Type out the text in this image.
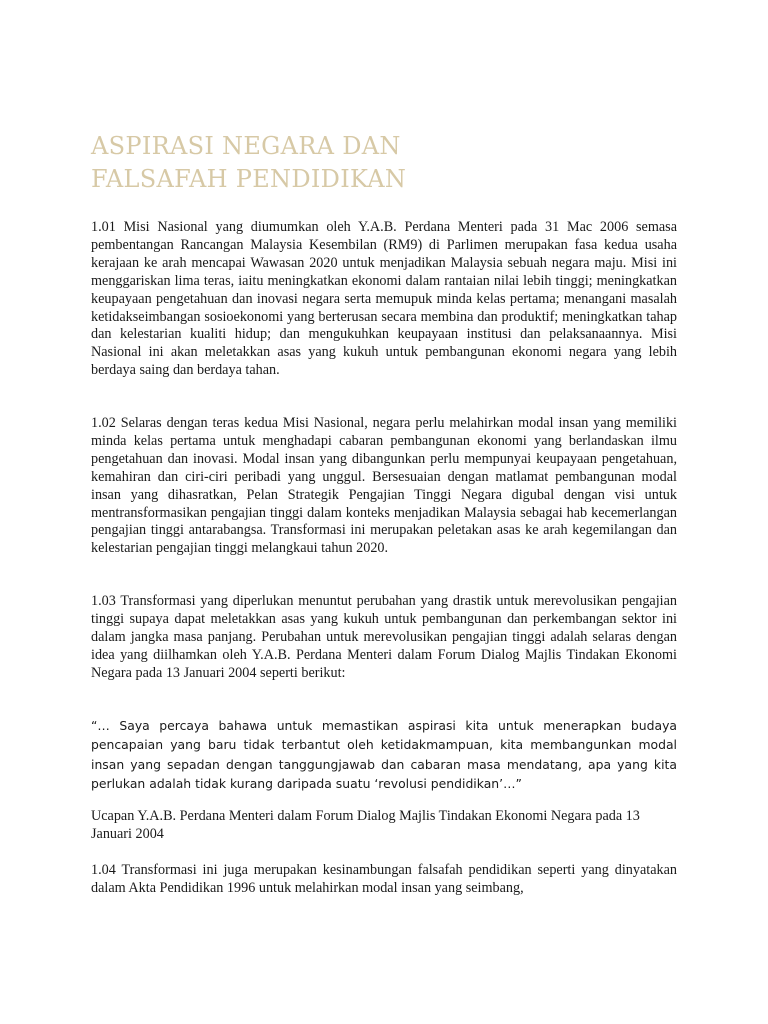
ASPIRASI NEGARA DAN
FALSAFAH PENDIDIKAN

1.01 Misi Nasional yang diumumkan oleh Y.A.B. Perdana Menteri pada 31 Mac 2006 semasa pembentangan Rancangan Malaysia Kesembilan (RM9) di Parlimen merupakan fasa kedua usaha kerajaan ke arah mencapai Wawasan 2020 untuk menjadikan Malaysia sebuah negara maju. Misi ini menggariskan lima teras, iaitu meningkatkan ekonomi dalam rantaian nilai lebih tinggi; meningkatkan keupayaan pengetahuan dan inovasi negara serta memupuk minda kelas pertama; menangani masalah ketidakseimbangan sosioekonomi yang berterusan secara membina dan produktif; meningkatkan tahap dan kelestarian kualiti hidup; dan mengukuhkan keupayaan institusi dan pelaksanaannya. Misi Nasional ini akan meletakkan asas yang kukuh untuk pembangunan ekonomi negara yang lebih berdaya saing dan berdaya tahan.

1.02 Selaras dengan teras kedua Misi Nasional, negara perlu melahirkan modal insan yang memiliki minda kelas pertama untuk menghadapi cabaran pembangunan ekonomi yang berlandaskan ilmu pengetahuan dan inovasi. Modal insan yang dibangunkan perlu mempunyai keupayaan pengetahuan, kemahiran dan ciri-ciri peribadi yang unggul. Bersesuaian dengan matlamat pembangunan modal insan yang dihasratkan, Pelan Strategik Pengajian Tinggi Negara digubal dengan visi untuk mentransformasikan pengajian tinggi dalam konteks menjadikan Malaysia sebagai hab kecemerlangan pengajian tinggi antarabangsa. Transformasi ini merupakan peletakan asas ke arah kegemilangan dan kelestarian pengajian tinggi melangkaui tahun 2020.

1.03 Transformasi yang diperlukan menuntut perubahan yang drastik untuk merevolusikan pengajian tinggi supaya dapat meletakkan asas yang kukuh untuk pembangunan dan perkembangan sektor ini dalam jangka masa panjang. Perubahan untuk merevolusikan pengajian tinggi adalah selaras dengan idea yang diilhamkan oleh Y.A.B. Perdana Menteri dalam Forum Dialog Majlis Tindakan Ekonomi Negara pada 13 Januari 2004 seperti berikut:

“… Saya percaya bahawa untuk memastikan aspirasi kita untuk menerapkan budaya pencapaian yang baru tidak terbantut oleh ketidakmampuan, kita membangunkan modal insan yang sepadan dengan tanggungjawab dan cabaran masa mendatang, apa yang kita perlukan adalah tidak kurang daripada suatu ‘revolusi pendidikan’…”

Ucapan Y.A.B. Perdana Menteri dalam Forum Dialog Majlis Tindakan Ekonomi Negara pada 13 Januari 2004

1.04 Transformasi ini juga merupakan kesinambungan falsafah pendidikan seperti yang dinyatakan dalam Akta Pendidikan 1996 untuk melahirkan modal insan yang seimbang,
